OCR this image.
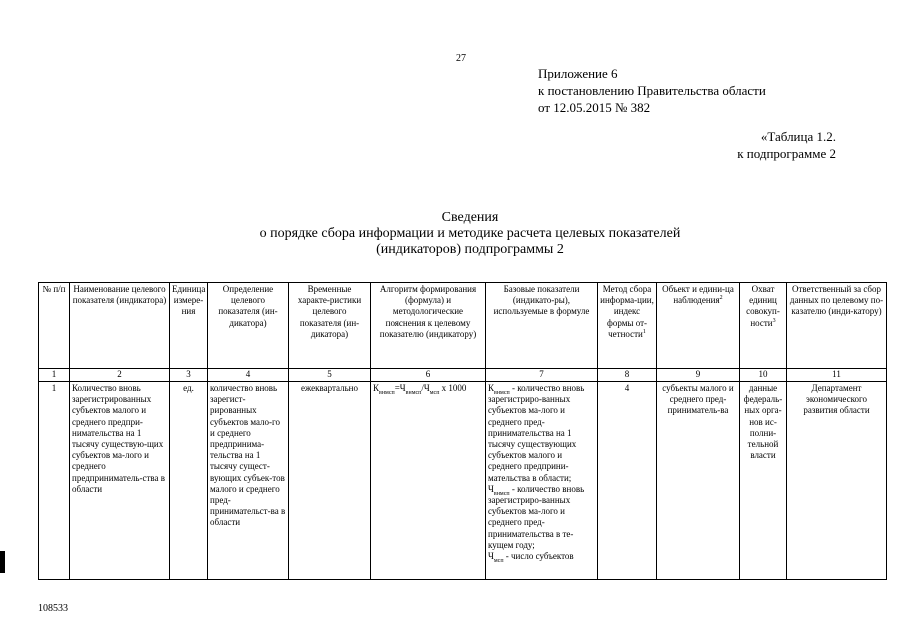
27
Приложение 6
к постановлению Правительства области
от 12.05.2015 № 382
«Таблица 1.2.
к подпрограмме 2
Сведения
о порядке сбора информации и методике расчета целевых показателей
(индикаторов) подпрограммы 2
№ п/п	Наименование целевого показателя (индикатора)	Единица измере-ния	Определение целевого показателя (ин-дикатора)	Временные характе-ристики целевого показателя (ин-дикатора)	Алгоритм формирования (формула) и методологические пояснения к целевому показателю (индикатору)	Базовые показатели (индикато-ры), используемые в формуле	Метод сбора информа-ции, индекс формы от-четности$^1$	Объект и едини-ца наблюдения$^2$	Охват единиц совокуп-ности$^3$	Ответственный за сбор данных по целевому по-казателю (инди-катору)
1	2	3	4	5	6	7	8	9	10	11
1	Количество вновь зарегистрированных субъектов малого и среднего предпри-нимательства на 1 тысячу существую-щих субъектов ма-лого и среднего предприниматель-ства в области	ед.	количество вновь зарегист-рированных субъектов мало-го и среднего предпринима-тельства на 1 тысячу сущест-вующих субъек-тов малого и среднего пред-принимательст-ва в области	ежеквартально	$К_{внмсп}=Ч_{внмсп}/Ч_{мсп}$ х 1000	$К_{внмсп}$ - количество вновь зарегистриро-ванных субъектов ма-лого и среднего пред-принимательства на 1 тысячу существующих субъектов малого и среднего предприни-мательства в области;
$Ч_{внмсп}$ - количество вновь зарегистриро-ванных субъектов ма-лого и среднего пред-принимательства в те-кущем году;
$Ч_{мсп}$ - число субъектов	4	субъекты малого и среднего пред-приниматель-ва	данные федераль-ных орга-нов ис-полни-тельной власти	Департамент экономического развития области
108533
